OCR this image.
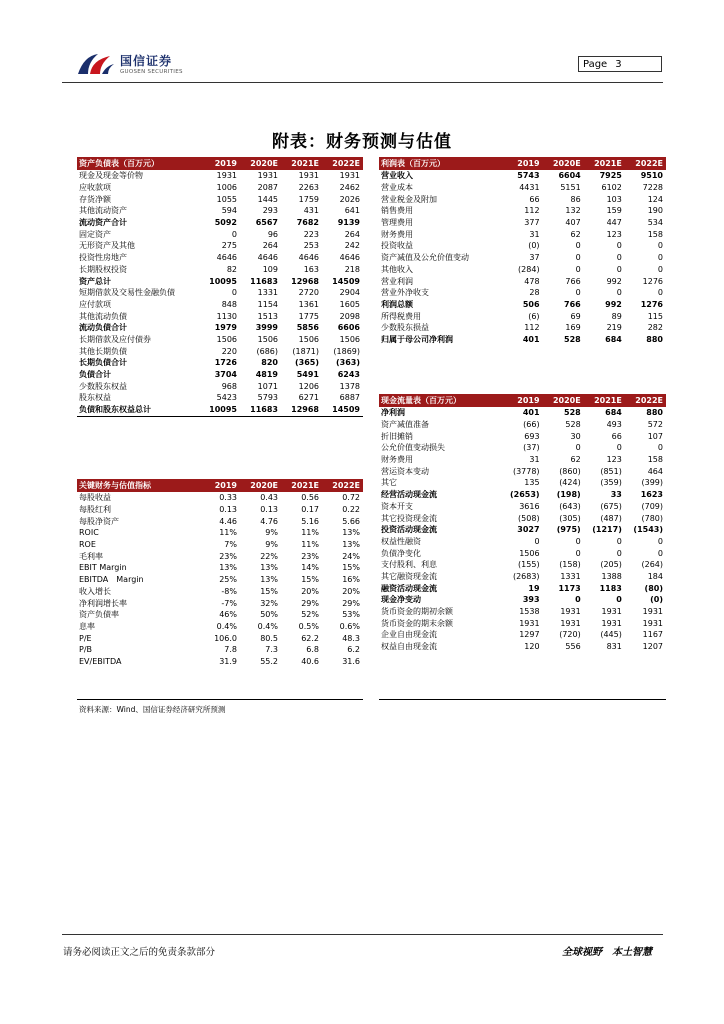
国信证券
GUOSEN SECURITIES
Page 3
附表：财务预测与估值
资产负债表（百万元）	2019	2020E	2021E	2022E
现金及现金等价物	1931	1931	1931	1931
应收款项	1006	2087	2263	2462
存货净额	1055	1445	1759	2026
其他流动资产	594	293	431	641
流动资产合计	5092	6567	7682	9139
固定资产	0	96	223	264
无形资产及其他	275	264	253	242
投资性房地产	4646	4646	4646	4646
长期股权投资	82	109	163	218
资产总计	10095	11683	12968	14509
短期借款及交易性金融负债	0	1331	2720	2904
应付款项	848	1154	1361	1605
其他流动负债	1130	1513	1775	2098
流动负债合计	1979	3999	5856	6606
长期借款及应付债券	1506	1506	1506	1506
其他长期负债	220	(686)	(1871)	(1869)
长期负债合计	1726	820	(365)	(363)
负债合计	3704	4819	5491	6243
少数股东权益	968	1071	1206	1378
股东权益	5423	5793	6271	6887
负债和股东权益总计	10095	11683	12968	14509
关键财务与估值指标	2019	2020E	2021E	2022E
每股收益	0.33	0.43	0.56	0.72
每股红利	0.13	0.13	0.17	0.22
每股净资产	4.46	4.76	5.16	5.66
ROIC	11%	9%	11%	13%
ROE	7%	9%	11%	13%
毛利率	23%	22%	23%	24%
EBIT Margin	13%	13%	14%	15%
EBITDA　Margin	25%	13%	15%	16%
收入增长	-8%	15%	20%	20%
净利润增长率	-7%	32%	29%	29%
资产负债率	46%	50%	52%	53%
息率	0.4%	0.4%	0.5%	0.6%
P/E	106.0	80.5	62.2	48.3
P/B	7.8	7.3	6.8	6.2
EV/EBITDA	31.9	55.2	40.6	31.6
利润表（百万元）	2019	2020E	2021E	2022E
营业收入	5743	6604	7925	9510
营业成本	4431	5151	6102	7228
营业税金及附加	66	86	103	124
销售费用	112	132	159	190
管理费用	377	407	447	534
财务费用	31	62	123	158
投资收益	(0)	0	0	0
资产减值及公允价值变动	37	0	0	0
其他收入	(284)	0	0	0
营业利润	478	766	992	1276
营业外净收支	28	0	0	0
利润总额	506	766	992	1276
所得税费用	(6)	69	89	115
少数股东损益	112	169	219	282
归属于母公司净利润	401	528	684	880
现金流量表（百万元）	2019	2020E	2021E	2022E
净利润	401	528	684	880
资产减值准备	(66)	528	493	572
折旧摊销	693	30	66	107
公允价值变动损失	(37)	0	0	0
财务费用	31	62	123	158
营运资本变动	(3778)	(860)	(851)	464
其它	135	(424)	(359)	(399)
经营活动现金流	(2653)	(198)	33	1623
资本开支	3616	(643)	(675)	(709)
其它投资现金流	(508)	(305)	(487)	(780)
投资活动现金流	3027	(975)	(1217)	(1543)
权益性融资	0	0	0	0
负债净变化	1506	0	0	0
支付股利、利息	(155)	(158)	(205)	(264)
其它融资现金流	(2683)	1331	1388	184
融资活动现金流	19	1173	1183	(80)
现金净变动	393	0	0	(0)
货币资金的期初余额	1538	1931	1931	1931
货币资金的期末余额	1931	1931	1931	1931
企业自由现金流	1297	(720)	(445)	1167
权益自由现金流	120	556	831	1207
资料来源：Wind、国信证券经济研究所预测
请务必阅读正文之后的免责条款部分	全球视野　本土智慧
